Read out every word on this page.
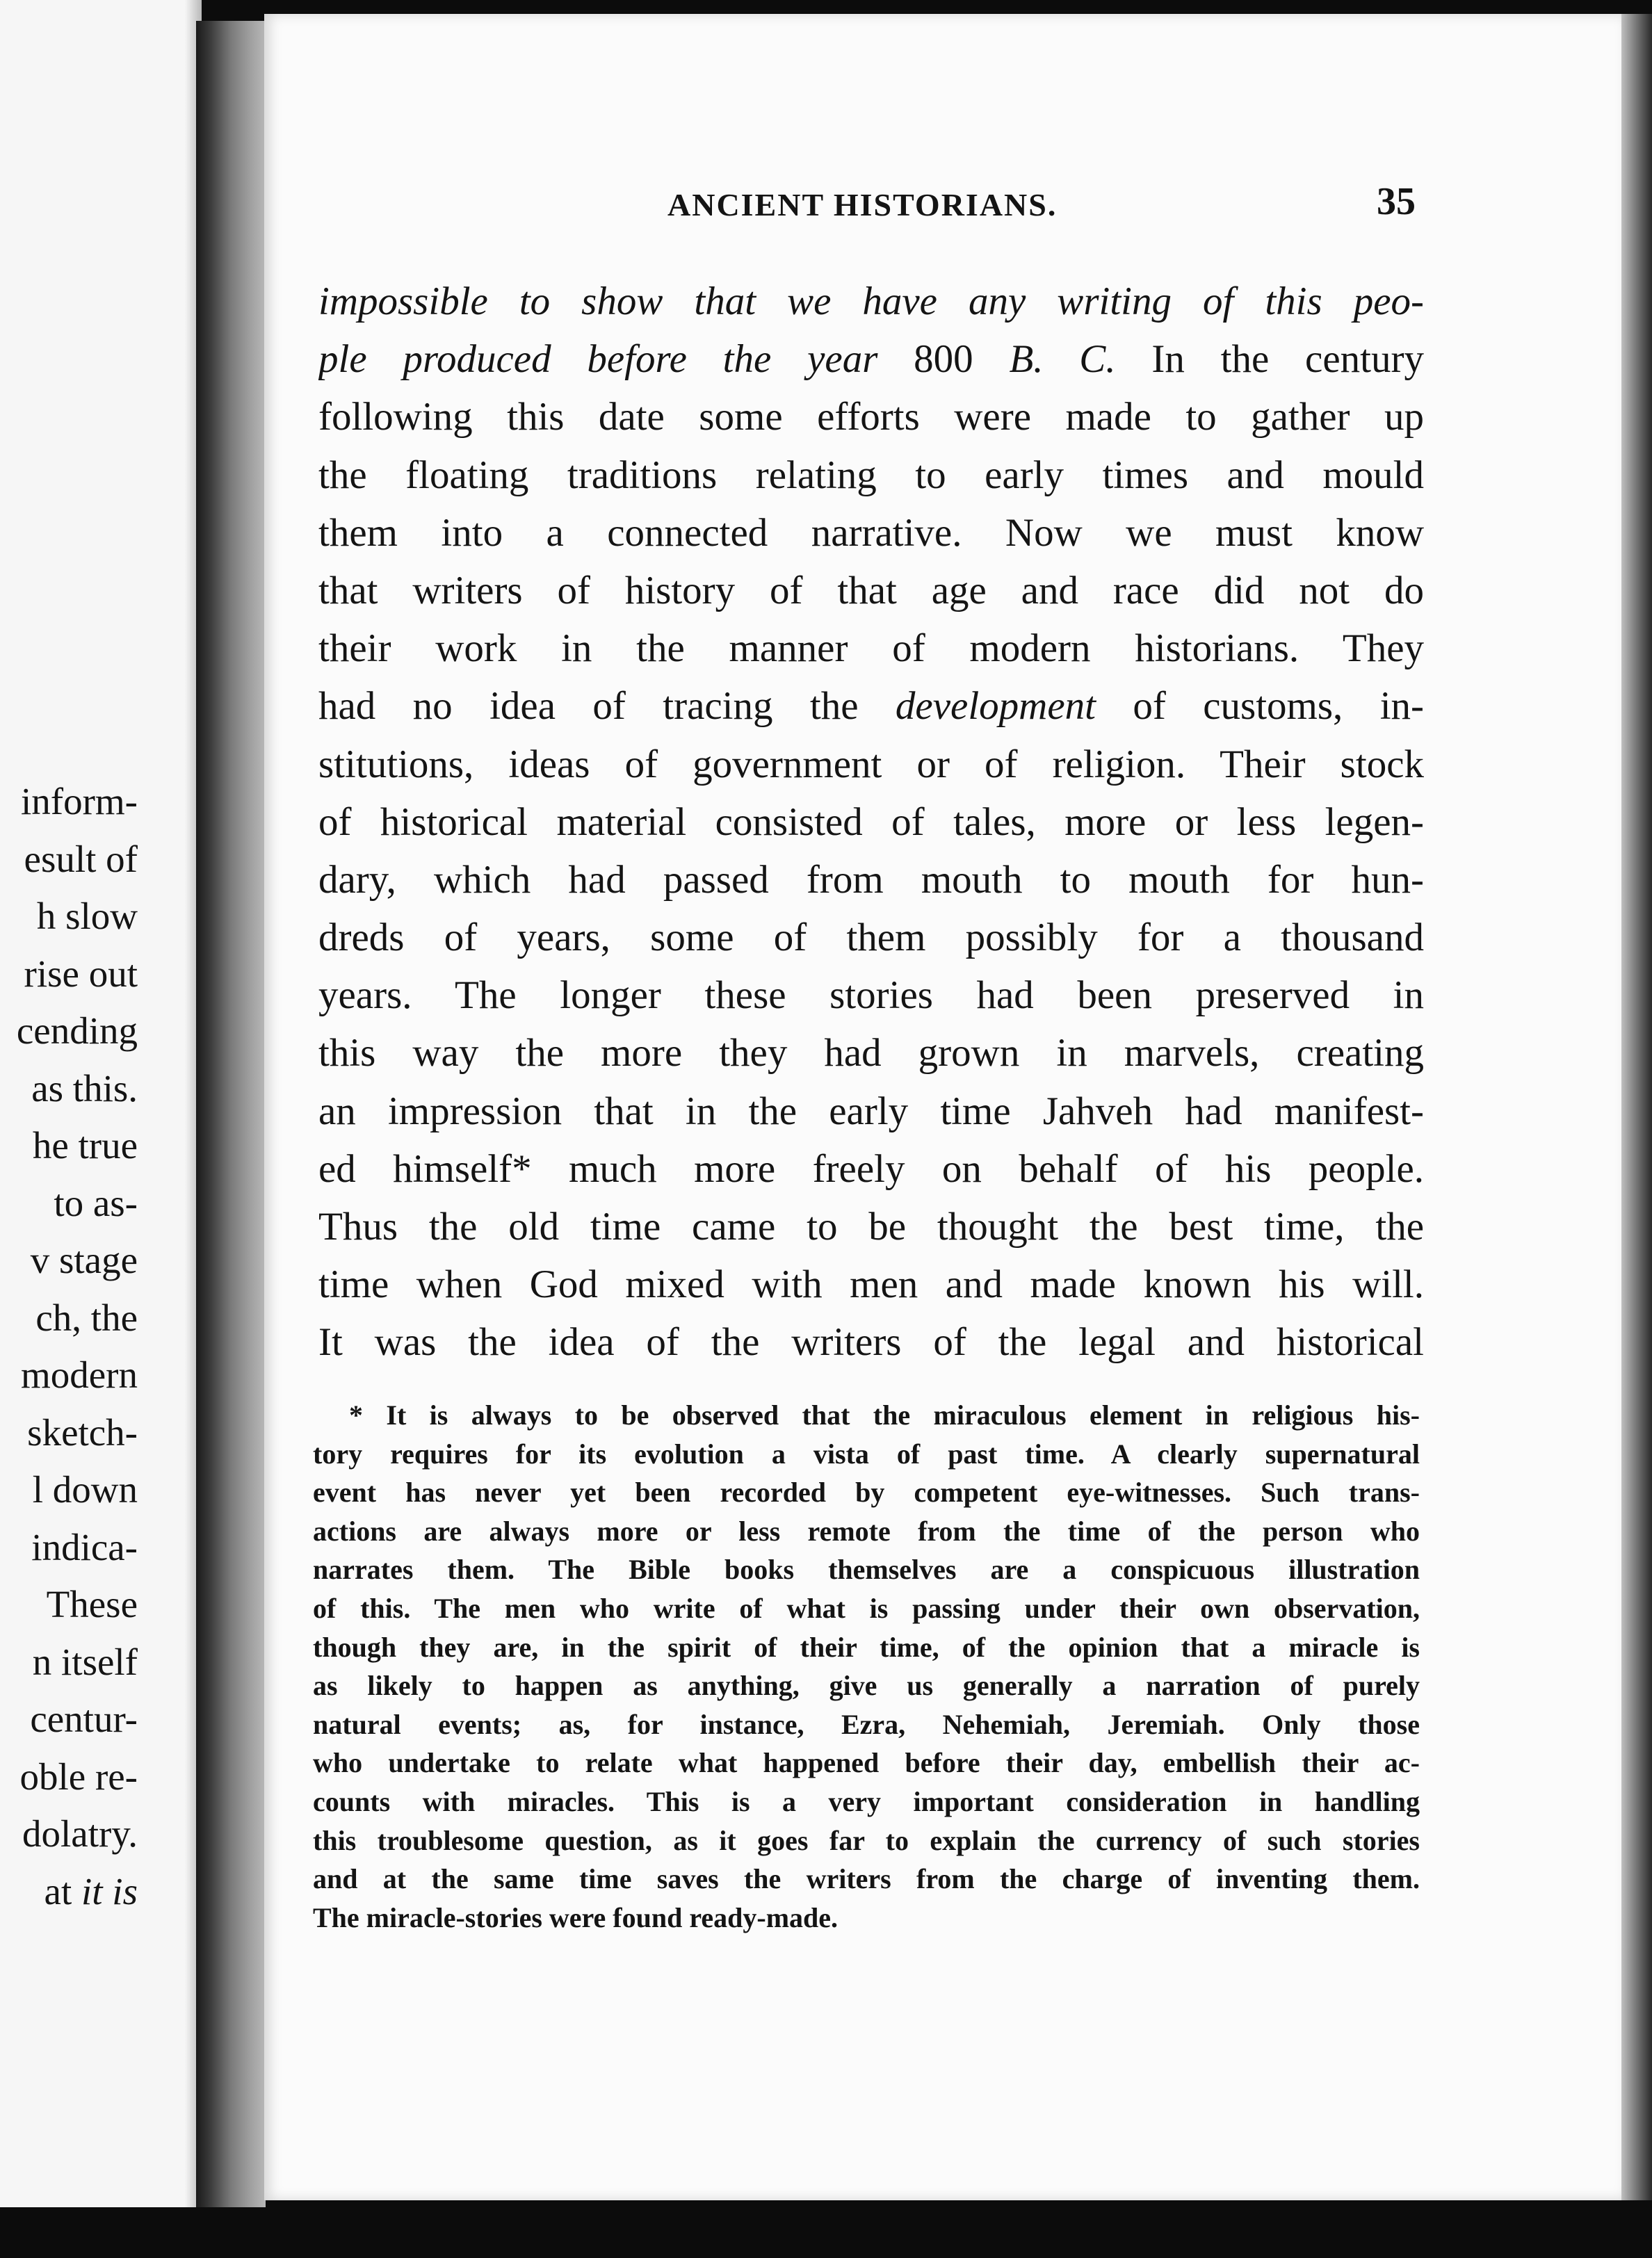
inform-
esult of
h slow
rise out
cending
as this.
he true
to as-
v stage
ch, the
modern
sketch-
l down
indica-
These
n itself
centur-
oble re-
dolatry.
at it is
ANCIENT HISTORIANS.	35
impossible to show that we have any writing of this peo-
ple produced before the year 800 B. C. In the century
following this date some efforts were made to gather up
the floating traditions relating to early times and mould
them into a connected narrative. Now we must know
that writers of history of that age and race did not do
their work in the manner of modern historians. They
had no idea of tracing the development of customs, in-
stitutions, ideas of government or of religion. Their stock
of historical material consisted of tales, more or less legen-
dary, which had passed from mouth to mouth for hun-
dreds of years, some of them possibly for a thousand
years. The longer these stories had been preserved in
this way the more they had grown in marvels, creating
an impression that in the early time Jahveh had manifest-
ed himself* much more freely on behalf of his people.
Thus the old time came to be thought the best time, the
time when God mixed with men and made known his will.
It was the idea of the writers of the legal and historical
* It is always to be observed that the miraculous element in religious his-
tory requires for its evolution a vista of past time. A clearly supernatural
event has never yet been recorded by competent eye-witnesses. Such trans-
actions are always more or less remote from the time of the person who
narrates them. The Bible books themselves are a conspicuous illustration
of this. The men who write of what is passing under their own observation,
though they are, in the spirit of their time, of the opinion that a miracle is
as likely to happen as anything, give us generally a narration of purely
natural events; as, for instance, Ezra, Nehemiah, Jeremiah. Only those
who undertake to relate what happened before their day, embellish their ac-
counts with miracles. This is a very important consideration in handling
this troublesome question, as it goes far to explain the currency of such stories
and at the same time saves the writers from the charge of inventing them.
The miracle-stories were found ready-made.
